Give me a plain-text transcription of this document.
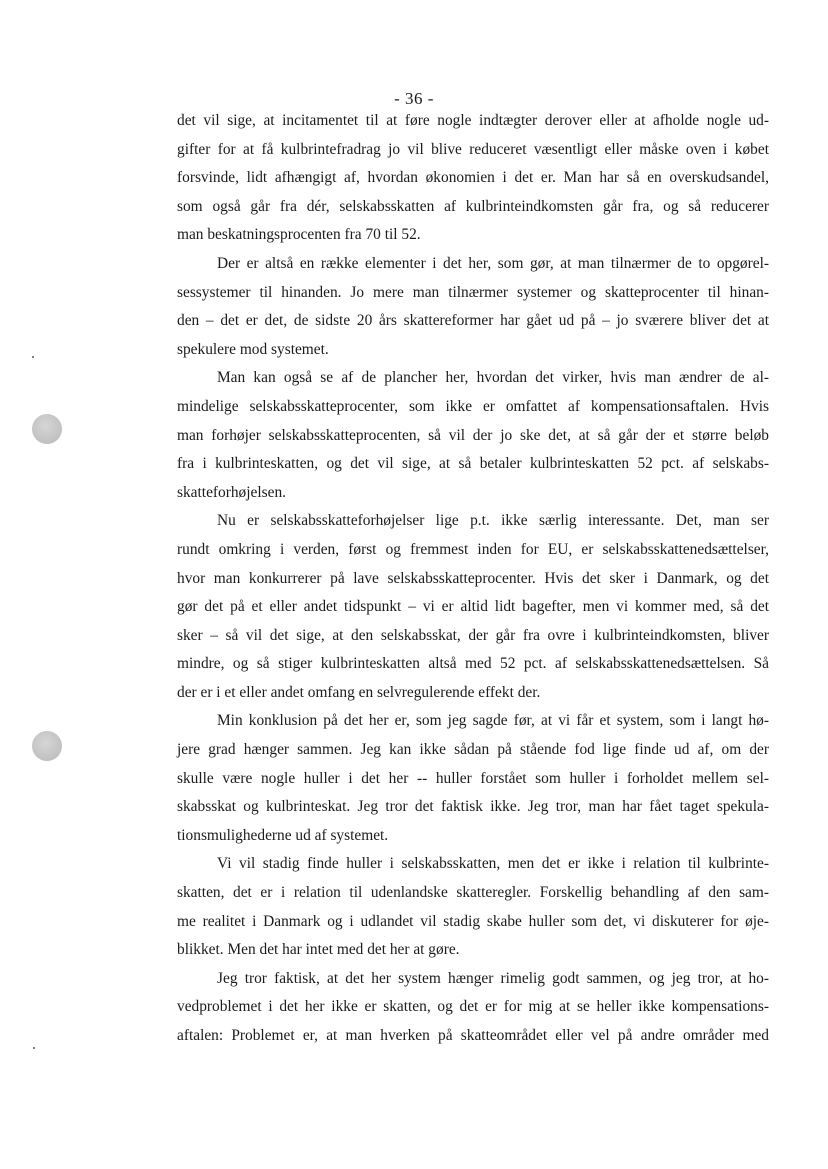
- 36 -
det vil sige, at incitamentet til at føre nogle indtægter derover eller at afholde nogle ud-
gifter for at få kulbrintefradrag jo vil blive reduceret væsentligt eller måske oven i købet
forsvinde, lidt afhængigt af, hvordan økonomien i det er. Man har så en overskudsandel,
som også går fra dér, selskabsskatten af kulbrinteindkomsten går fra, og så reducerer
man beskatningsprocenten fra 70 til 52.
Der er altså en række elementer i det her, som gør, at man tilnærmer de to opgørel-
sessystemer til hinanden. Jo mere man tilnærmer systemer og skatteprocenter til hinan-
den – det er det, de sidste 20 års skattereformer har gået ud på – jo sværere bliver det at
spekulere mod systemet.
Man kan også se af de plancher her, hvordan det virker, hvis man ændrer de al-
mindelige selskabsskatteprocenter, som ikke er omfattet af kompensationsaftalen. Hvis
man forhøjer selskabsskatteprocenten, så vil der jo ske det, at så går der et større beløb
fra i kulbrinteskatten, og det vil sige, at så betaler kulbrinteskatten 52 pct. af selskabs-
skatteforhøjelsen.
Nu er selskabsskatteforhøjelser lige p.t. ikke særlig interessante. Det, man ser
rundt omkring i verden, først og fremmest inden for EU, er selskabsskattenedsættelser,
hvor man konkurrerer på lave selskabsskatteprocenter. Hvis det sker i Danmark, og det
gør det på et eller andet tidspunkt – vi er altid lidt bagefter, men vi kommer med, så det
sker – så vil det sige, at den selskabsskat, der går fra ovre i kulbrinteindkomsten, bliver
mindre, og så stiger kulbrinteskatten altså med 52 pct. af selskabsskattenedsættelsen. Så
der er i et eller andet omfang en selvregulerende effekt der.
Min konklusion på det her er, som jeg sagde før, at vi får et system, som i langt hø-
jere grad hænger sammen. Jeg kan ikke sådan på stående fod lige finde ud af, om der
skulle være nogle huller i det her -- huller forstået som huller i forholdet mellem sel-
skabsskat og kulbrinteskat. Jeg tror det faktisk ikke. Jeg tror, man har fået taget spekula-
tionsmulighederne ud af systemet.
Vi vil stadig finde huller i selskabsskatten, men det er ikke i relation til kulbrinte-
skatten, det er i relation til udenlandske skatteregler. Forskellig behandling af den sam-
me realitet i Danmark og i udlandet vil stadig skabe huller som det, vi diskuterer for øje-
blikket. Men det har intet med det her at gøre.
Jeg tror faktisk, at det her system hænger rimelig godt sammen, og jeg tror, at ho-
vedproblemet i det her ikke er skatten, og det er for mig at se heller ikke kompensations-
aftalen: Problemet er, at man hverken på skatteområdet eller vel på andre områder med
